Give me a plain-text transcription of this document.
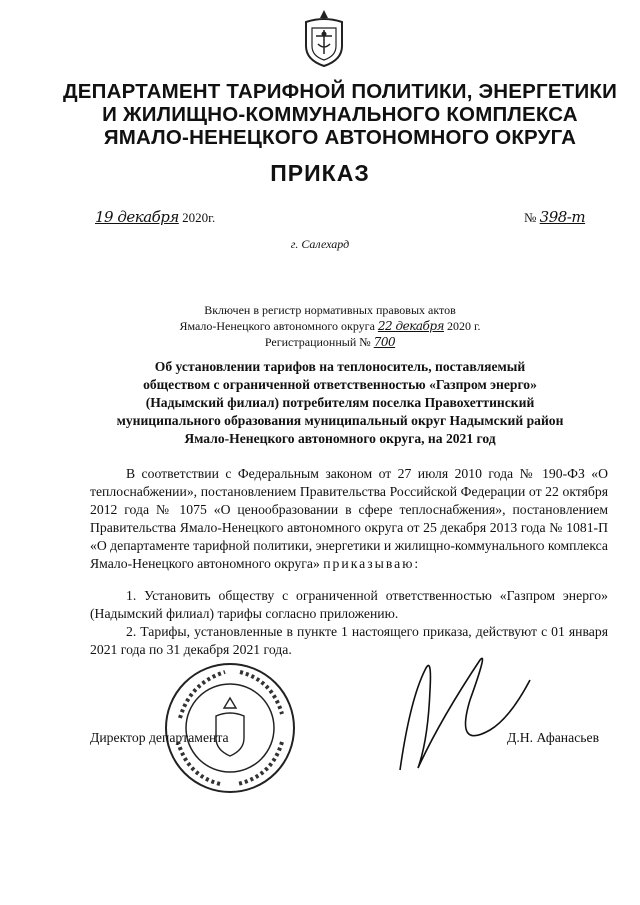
ДЕПАРТАМЕНТ ТАРИФНОЙ ПОЛИТИКИ, ЭНЕРГЕТИКИ
И ЖИЛИЩНО-КОММУНАЛЬНОГО КОМПЛЕКСА
ЯМАЛО-НЕНЕЦКОГО АВТОНОМНОГО ОКРУГА
ПРИКАЗ
19 декабря 2020г.	№ 398-т
г. Салехард
Включен в регистр нормативных правовых актов
Ямало-Ненецкого автономного округа 22 декабря 2020 г.
Регистрационный № 700
Об установлении тарифов на теплоноситель, поставляемый
обществом с ограниченной ответственностью «Газпром энерго»
(Надымский филиал) потребителям поселка Правохеттинский
муниципального образования муниципальный округ Надымский район
Ямало-Ненецкого автономного округа, на 2021 год

В соответствии с Федеральным законом от 27 июля 2010 года № 190-ФЗ «О теплоснабжении», постановлением Правительства Российской Федерации от 22 октября 2012 года № 1075 «О ценообразовании в сфере теплоснабжения», постановлением Правительства Ямало-Ненецкого автономного округа от 25 декабря 2013 года № 1081-П «О департаменте тарифной политики, энергетики и жилищно-коммунального комплекса Ямало-Ненецкого автономного округа» приказываю:

1. Установить обществу с ограниченной ответственностью «Газпром энерго» (Надымский филиал) тарифы согласно приложению.

2. Тарифы, установленные в пункте 1 настоящего приказа, действуют с 01 января 2021 года по 31 декабря 2021 года.

Директор департамента	Д.Н. Афанасьев
